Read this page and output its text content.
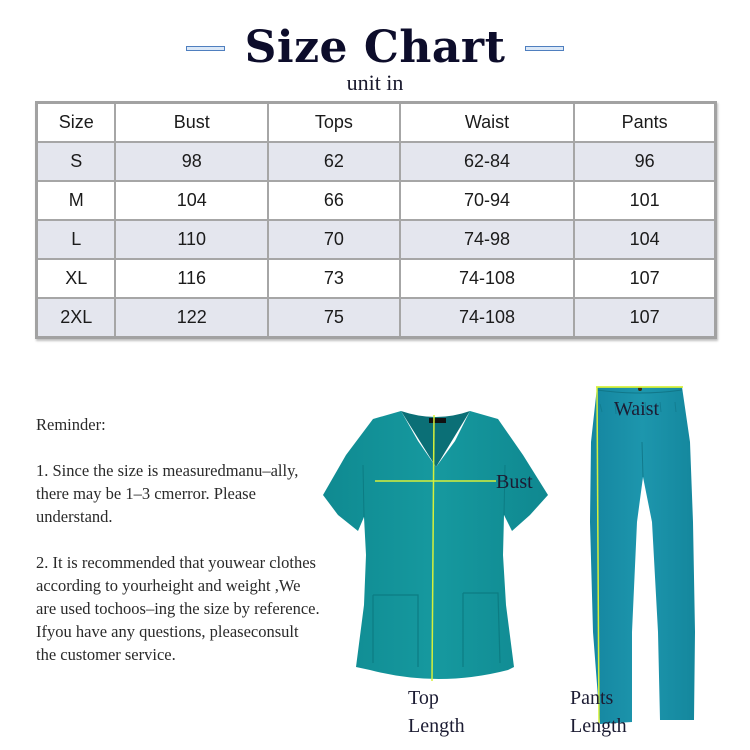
Size Chart
unit in
Size	Bust	Tops	Waist	Pants
S	98	62	62-84	96
M	104	66	70-94	101
L	110	70	74-98	104
XL	116	73	74-108	107
2XL	122	75	74-108	107

Reminder:

1. Since the size is measuredmanu–ally, there may be 1–3 cmerror. Please understand.

2. It is recommended that youwear clothes according to yourheight and weight ,We are used tochoos–ing the size by reference. Ifyou have any questions, pleaseconsult the customer service.

Bust
Top
Length
Waist
Pants
Length
